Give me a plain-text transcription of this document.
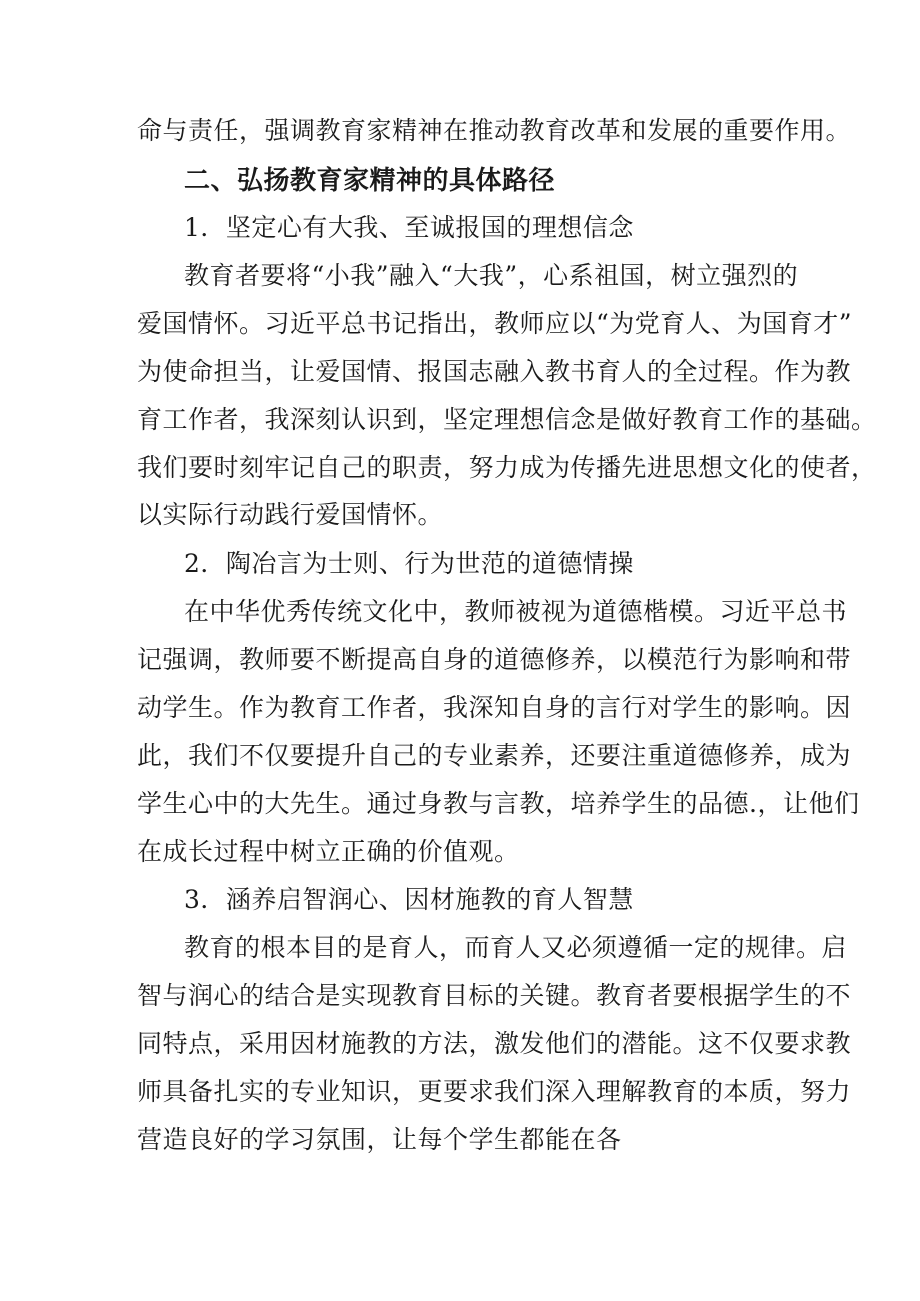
命与责任，强调教育家精神在推动教育改革和发展的重要作用。
二、弘扬教育家精神的具体路径
1．坚定心有大我、至诚报国的理想信念
教育者要将“小我”融入“大我”，心系祖国，树立强烈的
爱国情怀。习近平总书记指出，教师应以“为党育人、为国育才”
为使命担当，让爱国情、报国志融入教书育人的全过程。作为教
育工作者，我深刻认识到，坚定理想信念是做好教育工作的基础。
我们要时刻牢记自己的职责，努力成为传播先进思想文化的使者，
以实际行动践行爱国情怀。
2．陶冶言为士则、行为世范的道德情操
在中华优秀传统文化中，教师被视为道德楷模。习近平总书
记强调，教师要不断提高自身的道德修养，以模范行为影响和带
动学生。作为教育工作者，我深知自身的言行对学生的影响。因
此，我们不仅要提升自己的专业素养，还要注重道德修养，成为
学生心中的大先生。通过身教与言教，培养学生的品德.，让他们
在成长过程中树立正确的价值观。
3．涵养启智润心、因材施教的育人智慧
教育的根本目的是育人，而育人又必须遵循一定的规律。启
智与润心的结合是实现教育目标的关键。教育者要根据学生的不
同特点，采用因材施教的方法，激发他们的潜能。这不仅要求教
师具备扎实的专业知识，更要求我们深入理解教育的本质，努力
营造良好的学习氛围，让每个学生都能在各
